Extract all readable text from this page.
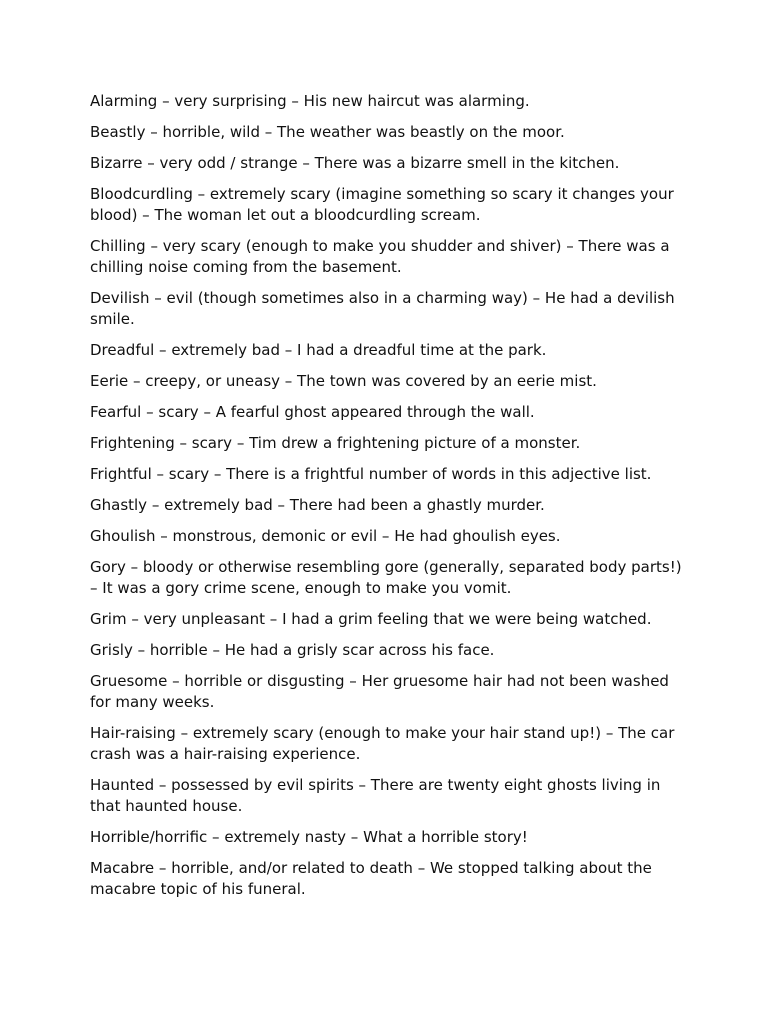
Alarming – very surprising – His new haircut was alarming.

Beastly – horrible, wild – The weather was beastly on the moor.

Bizarre – very odd / strange – There was a bizarre smell in the kitchen.

Bloodcurdling – extremely scary (imagine something so scary it changes your blood) – The woman let out a bloodcurdling scream.

Chilling – very scary (enough to make you shudder and shiver) – There was a chilling noise coming from the basement.

Devilish – evil (though sometimes also in a charming way) – He had a devilish smile.

Dreadful – extremely bad – I had a dreadful time at the park.

Eerie – creepy, or uneasy – The town was covered by an eerie mist.

Fearful – scary – A fearful ghost appeared through the wall.

Frightening – scary – Tim drew a frightening picture of a monster.

Frightful – scary – There is a frightful number of words in this adjective list.

Ghastly – extremely bad – There had been a ghastly murder.

Ghoulish – monstrous, demonic or evil – He had ghoulish eyes.

Gory – bloody or otherwise resembling gore (generally, separated body parts!) – It was a gory crime scene, enough to make you vomit.

Grim – very unpleasant – I had a grim feeling that we were being watched.

Grisly – horrible – He had a grisly scar across his face.

Gruesome – horrible or disgusting – Her gruesome hair had not been washed for many weeks.

Hair-raising – extremely scary (enough to make your hair stand up!) – The car crash was a hair-raising experience.

Haunted – possessed by evil spirits – There are twenty eight ghosts living in that haunted house.

Horrible/horrific – extremely nasty – What a horrible story!

Macabre – horrible, and/or related to death – We stopped talking about the macabre topic of his funeral.
